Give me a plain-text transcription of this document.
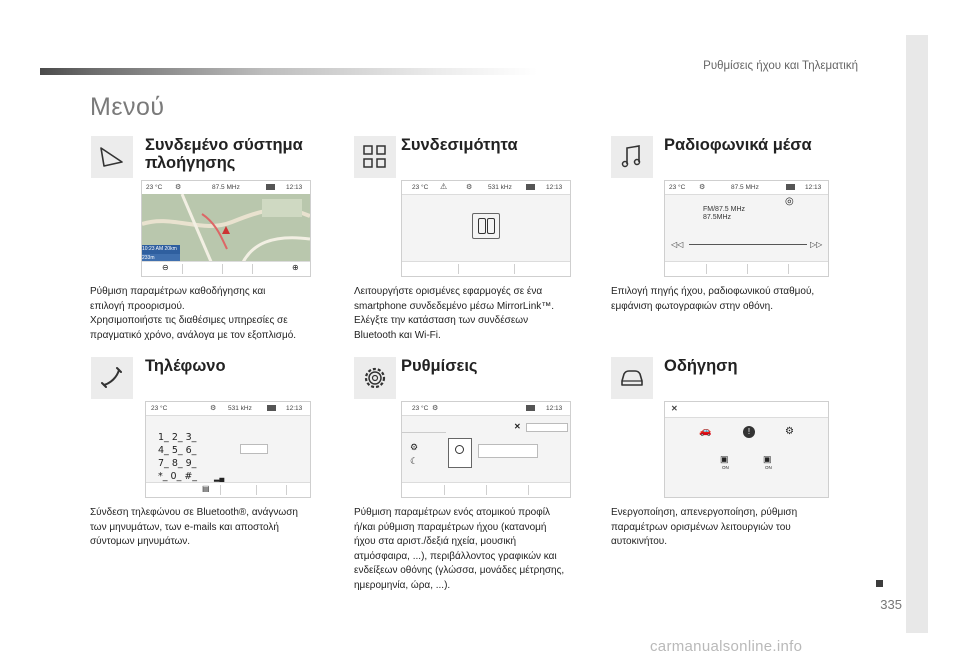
Ρυθμίσεις ήχου και Τηλεματική
335
Μενού
Συνδεμένο σύστημα
πλοήγησης
23 °C ⚙	87.5 MHz	12:13
10:23 AM 20km
233m
⊖	⊕
Ρύθμιση παραμέτρων καθοδήγησης και
επιλογή προορισμού.
Χρησιμοποιήστε τις διαθέσιμες υπηρεσίες σε
πραγματικό χρόνο, ανάλογα με τον εξοπλισμό.
Συνδεσιμότητα
23 °C ⚠	⚙ 531 kHz	12:13
Λειτουργήστε ορισμένες εφαρμογές σε ένα
smartphone συνδεδεμένο μέσω MirrorLink™.
Ελέγξτε την κατάσταση των συνδέσεων
Bluetooth και Wi-Fi.
Ραδιοφωνικά μέσα
23 °C ⚙	87.5 MHz	12:13
FM/87.5 MHz
87.5MHz
◎
◁◁	▷▷
Επιλογή πηγής ήχου, ραδιοφωνικού σταθμού,
εμφάνιση φωτογραφιών στην οθόνη.
Τηλέφωνο
23 °C	⚙ 531 kHz	12:13
1_ 2_ 3_
4_ 5_ 6_
7_ 8_ 9_
*_ 0_ #_ ▂▄
▤
Σύνδεση τηλεφώνου σε Bluetooth®, ανάγνωση
των μηνυμάτων, των e-mails και αποστολή
σύντομων μηνυμάτων.
Ρυθμίσεις
23 °C ⚙	12:13
⚙
☾
✕
Ρύθμιση παραμέτρων ενός ατομικού προφίλ
ή/και ρύθμιση παραμέτρων ήχου (κατανομή
ήχου στα αριστ./δεξιά ηχεία, μουσική
ατμόσφαιρα, ...), περιβάλλοντος γραφικών και
ενδείξεων οθόνης (γλώσσα, μονάδες μέτρησης,
ημερομηνία, ώρα, ...).
Οδήγηση
✕
🚗	!	⚙
▣
ON
▣
ON
Ενεργοποίηση, απενεργοποίηση, ρύθμιση
παραμέτρων ορισμένων λειτουργιών του
αυτοκινήτου.
carmanualsonline.info
